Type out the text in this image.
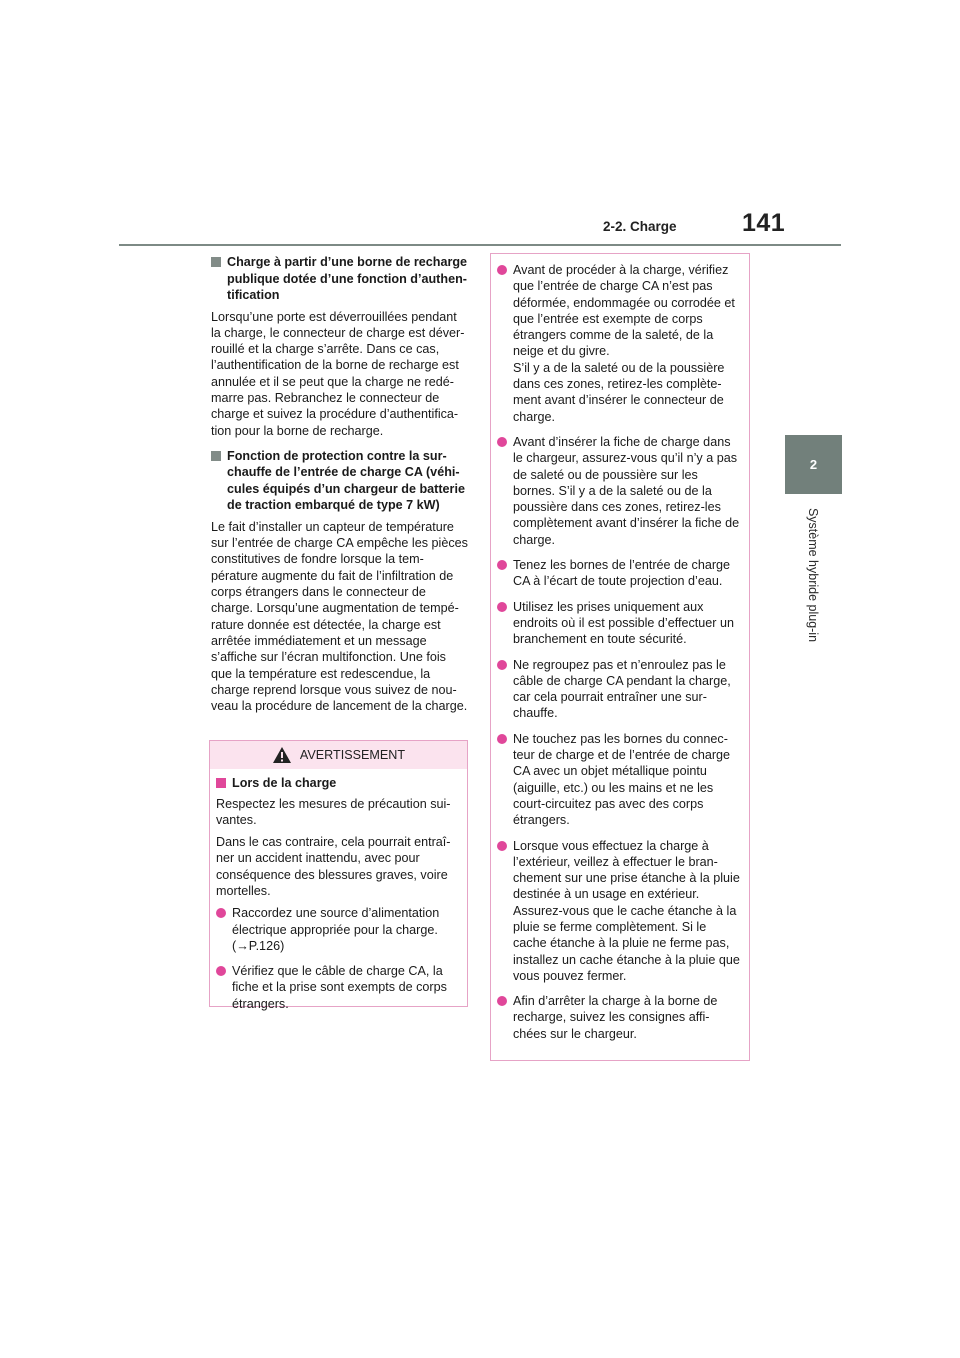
2-2. Charge	141
2
Système hybride plug-in
Charge à partir d’une borne de recharge publique dotée d’une fonction d’authen-tification

Lorsqu’une porte est déverrouillées pendant la charge, le connecteur de charge est déver-rouillé et la charge s’arrête. Dans ce cas, l’authentification de la borne de recharge est annulée et il se peut que la charge ne redé-marre pas. Rebranchez le connecteur de charge et suivez la procédure d’authentifica-tion pour la borne de recharge.

Fonction de protection contre la sur-chauffe de l’entrée de charge CA (véhi-cules équipés d’un chargeur de batterie de traction embarqué de type 7 kW)

Le fait d’installer un capteur de température sur l’entrée de charge CA empêche les pièces constitutives de fondre lorsque la tem-pérature augmente du fait de l’infiltration de corps étrangers dans le connecteur de charge. Lorsqu’une augmentation de tempé-rature donnée est détectée, la charge est arrêtée immédiatement et un message s’affiche sur l’écran multifonction. Une fois que la température est redescendue, la charge reprend lorsque vous suivez de nou-veau la procédure de lancement de la charge.

AVERTISSEMENT
Lors de la charge

Respectez les mesures de précaution sui-vantes.

Dans le cas contraire, cela pourrait entraî-ner un accident inattendu, avec pour conséquence des blessures graves, voire mortelles.

Raccordez une source d’alimentation électrique appropriée pour la charge.
(→P.126)
Vérifiez que le câble de charge CA, la fiche et la prise sont exempts de corps étrangers.
Avant de procéder à la charge, vérifiez que l’entrée de charge CA n’est pas déformée, endommagée ou corrodée et que l’entrée est exempte de corps étrangers comme de la saleté, de la neige et du givre.
S’il y a de la saleté ou de la poussière dans ces zones, retirez-les complète-ment avant d’insérer le connecteur de charge.
Avant d’insérer la fiche de charge dans le chargeur, assurez-vous qu’il n’y a pas de saleté ou de poussière sur les bornes. S’il y a de la saleté ou de la poussière dans ces zones, retirez-les complètement avant d’insérer la fiche de charge.
Tenez les bornes de l’entrée de charge CA à l’écart de toute projection d’eau.
Utilisez les prises uniquement aux endroits où il est possible d’effectuer un branchement en toute sécurité.
Ne regroupez pas et n’enroulez pas le câble de charge CA pendant la charge, car cela pourrait entraîner une sur-chauffe.
Ne touchez pas les bornes du connec-teur de charge et de l’entrée de charge CA avec un objet métallique pointu (aiguille, etc.) ou les mains et ne les court-circuitez pas avec des corps étrangers.
Lorsque vous effectuez la charge à l’extérieur, veillez à effectuer le bran-chement sur une prise étanche à la pluie destinée à un usage en extérieur. Assurez-vous que le cache étanche à la pluie se ferme complètement. Si le cache étanche à la pluie ne ferme pas, installez un cache étanche à la pluie que vous pouvez fermer.
Afin d’arrêter la charge à la borne de recharge, suivez les consignes affi-chées sur le chargeur.
